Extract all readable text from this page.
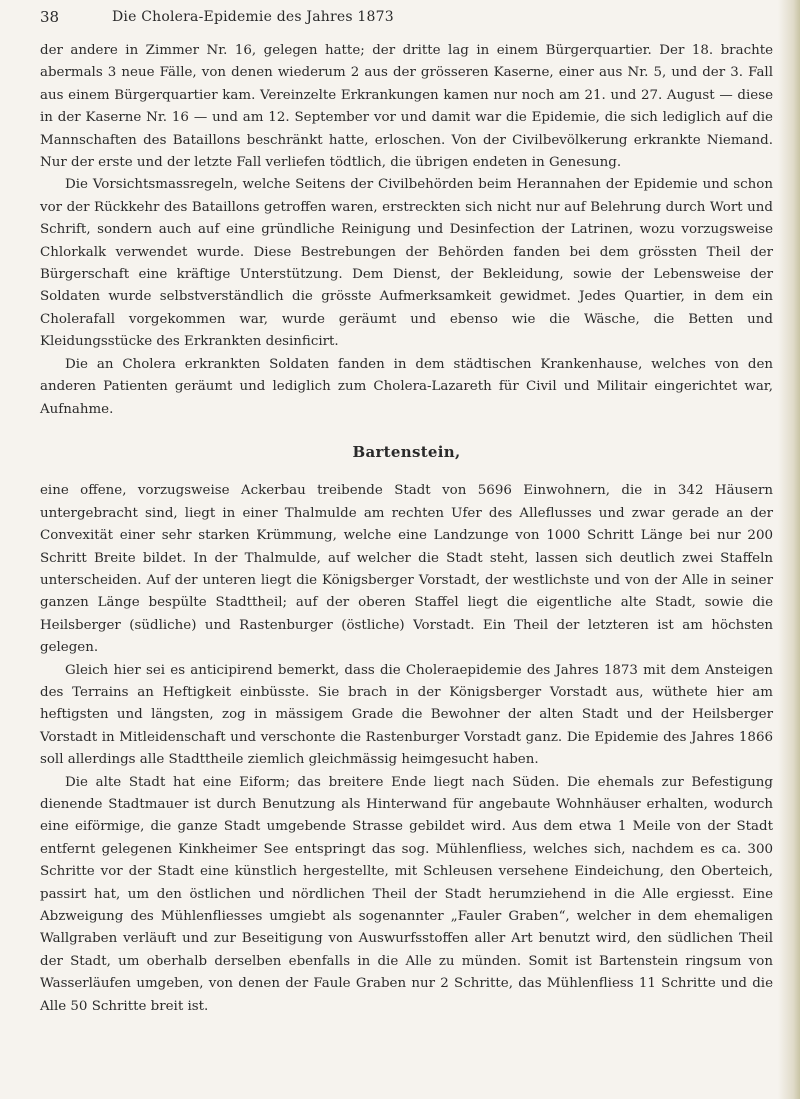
38	Die Cholera-Epidemie des Jahres 1873

der andere in Zimmer Nr. 16, gelegen hatte; der dritte lag in einem Bürgerquartier. Der 18. brachte abermals 3 neue Fälle, von denen wiederum 2 aus der grösseren Kaserne, einer aus Nr. 5, und der 3. Fall aus einem Bürgerquartier kam. Vereinzelte Erkrankungen kamen nur noch am 21. und 27. August — diese in der Kaserne Nr. 16 — und am 12. September vor und damit war die Epidemie, die sich lediglich auf die Mannschaften des Bataillons beschränkt hatte, erloschen. Von der Civilbevölkerung erkrankte Niemand. Nur der erste und der letzte Fall verliefen tödtlich, die übrigen endeten in Genesung.

Die Vorsichtsmassregeln, welche Seitens der Civilbehörden beim Herannahen der Epidemie und schon vor der Rückkehr des Bataillons getroffen waren, erstreckten sich nicht nur auf Belehrung durch Wort und Schrift, sondern auch auf eine gründliche Reinigung und Desinfection der Latrinen, wozu vorzugsweise Chlorkalk verwendet wurde. Diese Bestrebungen der Behörden fanden bei dem grössten Theil der Bürgerschaft eine kräftige Unterstützung. Dem Dienst, der Bekleidung, sowie der Lebensweise der Soldaten wurde selbstverständlich die grösste Aufmerksamkeit gewidmet. Jedes Quartier, in dem ein Cholerafall vorgekommen war, wurde geräumt und ebenso wie die Wäsche, die Betten und Kleidungsstücke des Erkrankten desinficirt.

Die an Cholera erkrankten Soldaten fanden in dem städtischen Krankenhause, welches von den anderen Patienten geräumt und lediglich zum Cholera-Lazareth für Civil und Militair eingerichtet war, Aufnahme.

Bartenstein,

eine offene, vorzugsweise Ackerbau treibende Stadt von 5696 Einwohnern, die in 342 Häusern untergebracht sind, liegt in einer Thalmulde am rechten Ufer des Alleflusses und zwar gerade an der Convexität einer sehr starken Krümmung, welche eine Landzunge von 1000 Schritt Länge bei nur 200 Schritt Breite bildet. In der Thalmulde, auf welcher die Stadt steht, lassen sich deutlich zwei Staffeln unterscheiden. Auf der unteren liegt die Königsberger Vorstadt, der westlichste und von der Alle in seiner ganzen Länge bespülte Stadttheil; auf der oberen Staffel liegt die eigentliche alte Stadt, sowie die Heilsberger (südliche) und Rastenburger (östliche) Vorstadt. Ein Theil der letzteren ist am höchsten gelegen.

Gleich hier sei es anticipirend bemerkt, dass die Choleraepidemie des Jahres 1873 mit dem Ansteigen des Terrains an Heftigkeit einbüsste. Sie brach in der Königsberger Vorstadt aus, wüthete hier am heftigsten und längsten, zog in mässigem Grade die Bewohner der alten Stadt und der Heilsberger Vorstadt in Mitleidenschaft und verschonte die Rastenburger Vorstadt ganz. Die Epidemie des Jahres 1866 soll allerdings alle Stadttheile ziemlich gleichmässig heimgesucht haben.

Die alte Stadt hat eine Eiform; das breitere Ende liegt nach Süden. Die ehemals zur Befestigung dienende Stadtmauer ist durch Benutzung als Hinterwand für angebaute Wohnhäuser erhalten, wodurch eine eiförmige, die ganze Stadt umgebende Strasse gebildet wird. Aus dem etwa 1 Meile von der Stadt entfernt gelegenen Kinkheimer See entspringt das sog. Mühlenfliess, welches sich, nachdem es ca. 300 Schritte vor der Stadt eine künstlich hergestellte, mit Schleusen versehene Eindeichung, den Oberteich, passirt hat, um den östlichen und nördlichen Theil der Stadt herumziehend in die Alle ergiesst. Eine Abzweigung des Mühlenfliesses umgiebt als sogenannter „Fauler Graben“, welcher in dem ehemaligen Wallgraben verläuft und zur Beseitigung von Auswurfsstoffen aller Art benutzt wird, den südlichen Theil der Stadt, um oberhalb derselben ebenfalls in die Alle zu münden. Somit ist Bartenstein ringsum von Wasserläufen umgeben, von denen der Faule Graben nur 2 Schritte, das Mühlenfliess 11 Schritte und die Alle 50 Schritte breit ist.
